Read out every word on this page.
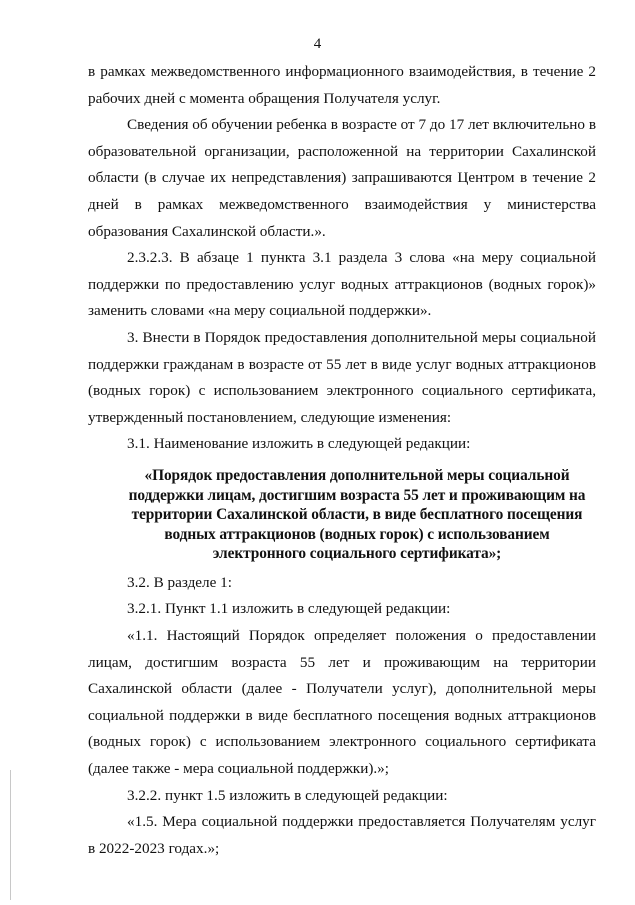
4

в рамках межведомственного информационного взаимодействия, в течение 2 рабочих дней с момента обращения Получателя услуг.

Сведения об обучении ребенка в возрасте от 7 до 17 лет включительно в образовательной организации, расположенной на территории Сахалинской области (в случае их непредставления) запрашиваются Центром в течение 2 дней в рамках межведомственного взаимодействия у министерства образования Сахалинской области.».

2.3.2.3. В абзаце 1 пункта 3.1 раздела 3 слова «на меру социальной поддержки по предоставлению услуг водных аттракционов (водных горок)» заменить словами «на меру социальной поддержки».

3. Внести в Порядок предоставления дополнительной меры социальной поддержки гражданам в возрасте от 55 лет в виде услуг водных аттракционов (водных горок) с использованием электронного социального сертификата, утвержденный постановлением, следующие изменения:

3.1. Наименование изложить в следующей редакции:

«Порядок предоставления дополнительной меры социальной поддержки лицам, достигшим возраста 55 лет и проживающим на территории Сахалинской области, в виде бесплатного посещения водных аттракционов (водных горок) с использованием электронного социального сертификата»;

3.2. В разделе 1:

3.2.1. Пункт 1.1 изложить в следующей редакции:

«1.1. Настоящий Порядок определяет положения о предоставлении лицам, достигшим возраста 55 лет и проживающим на территории Сахалинской области (далее - Получатели услуг), дополнительной меры социальной поддержки в виде бесплатного посещения водных аттракционов (водных горок) с использованием электронного социального сертификата (далее также - мера социальной поддержки).»;

3.2.2. пункт 1.5 изложить в следующей редакции:

«1.5. Мера социальной поддержки предоставляется Получателям услуг в 2022-2023 годах.»;
